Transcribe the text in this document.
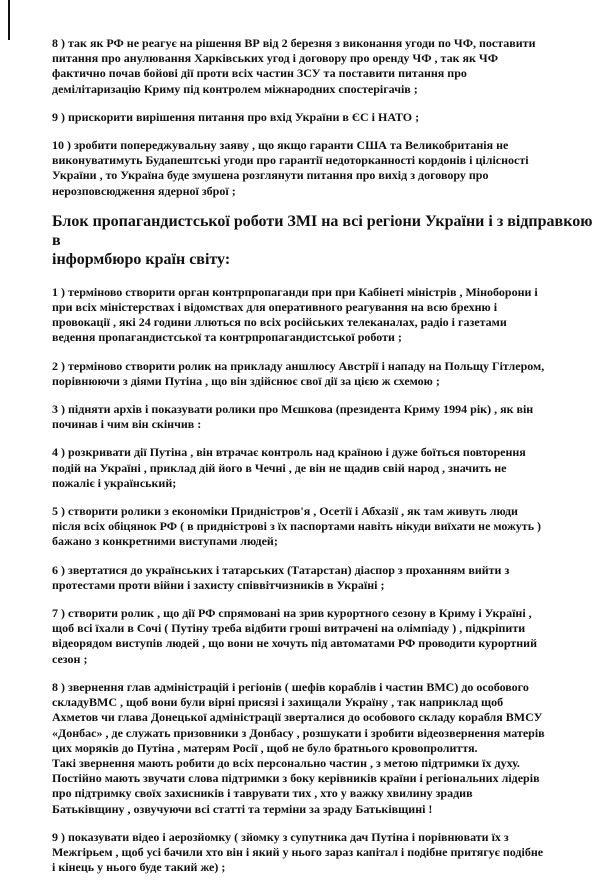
8 ) так як РФ не реагує на рішення ВР від 2 березня з виконання угоди по ЧФ, поставити
питання про анулювання Харківських угод і договору про оренду ЧФ , так як ЧФ
фактично почав бойові дії проти всіх частин ЗСУ та поставити питання про
демілітаризацію Криму під контролем міжнародних спостерігачів ;

9 ) прискорити вирішення питання про вхід України в ЄС і НАТО ;

10 ) зробити попереджувальну заяву , що якщо гаранти США та Великобританія не
виконуватимуть Будапештські угоди про гарантії недоторканності кордонів і цілісності
України , то Україна буде змушена розглянути питання про вихід з договору про
нерозповсюдження ядерної зброї ;

Блок пропагандистської роботи ЗМІ на всі регіони України і з відправкою в
інформбюро країн світу:

1 ) терміново створити орган контрпропаганди при при Кабінеті міністрів , Міноборони і
при всіх міністерствах і відомствах для оперативного реагування на всю брехню і
провокації , які 24 години ллються по всіх російських телеканалах, радіо і газетами
ведення пропагандистської та контрпропагандистської роботи ;

2 ) терміново створити ролик на прикладу аншлюсу Австрії і нападу на Польщу Гітлером,
порівнюючи з діями Путіна , що він здійснює свої дії за цією ж схемою ;

3 ) підняти архів і показувати ролики про Мєшкова (президента Криму 1994 рік) , як він
починав і чим він скінчив :

4 ) розкривати дії Путіна , він втрачає контроль над країною і дуже боїться повторення
подій на Україні , приклад дій його в Чечні , де він не щадив свій народ , значить не
пожаліє і український;

5 ) створити ролики з економіки Придністров'я , Осетії і Абхазії , як там живуть люди
після всіх обіцянок РФ ( в придністрові з їх паспортами навіть нікуди виїхати не можуть )
бажано з конкретними виступами людей;

6 ) звертатися до українських і татарських (Татарстан) діаспор з проханням вийти з
протестами проти війни і захисту співвітчизників в Україні ;

7 ) створити ролик , що дії РФ спрямовані на зрив курортного сезону в Криму і Україні ,
щоб всі їхали в Сочі ( Путіну треба відбити гроші витрачені на олімпіаду ) , підкріпити
відеорядом виступів людей , що вони не хочуть під автоматами РФ проводити курортний
сезон ;

8 ) звернення глав адміністрацій і регіонів ( шефів кораблів і частин ВМС) до особового
складуВМС , щоб вони були вірні присязі і захищали Україну , так наприклад щоб
Ахметов чи глава Донецької адміністрації зверталися до особового складу корабля ВМСУ
«Донбас» , де служать призовники з Донбасу , розшукати і зробити відеозвернення матерів
цих моряків до Путіна , матерям Росії , щоб не було братнього кровопролиття.
Такі звернення мають робити до всіх персонально частин , з метою підтримки їх духу.
Постійно мають звучати слова підтримки з боку керівників країни і регіональних лідерів
про підтримку своїх захисників і таврувати тих , хто у важку хвилину зрадив
Батьківщину , озвучуючи всі статті та терміни за зраду Батьківщині !

9 ) показувати відео і аерозйомку ( зйомку з супутника дач Путіна і порівнювати їх з
Межгірьем , щоб усі бачили хто він і який у нього зараз капітал і подібне притягує подібне
і кінець у нього буде такий же) ;
